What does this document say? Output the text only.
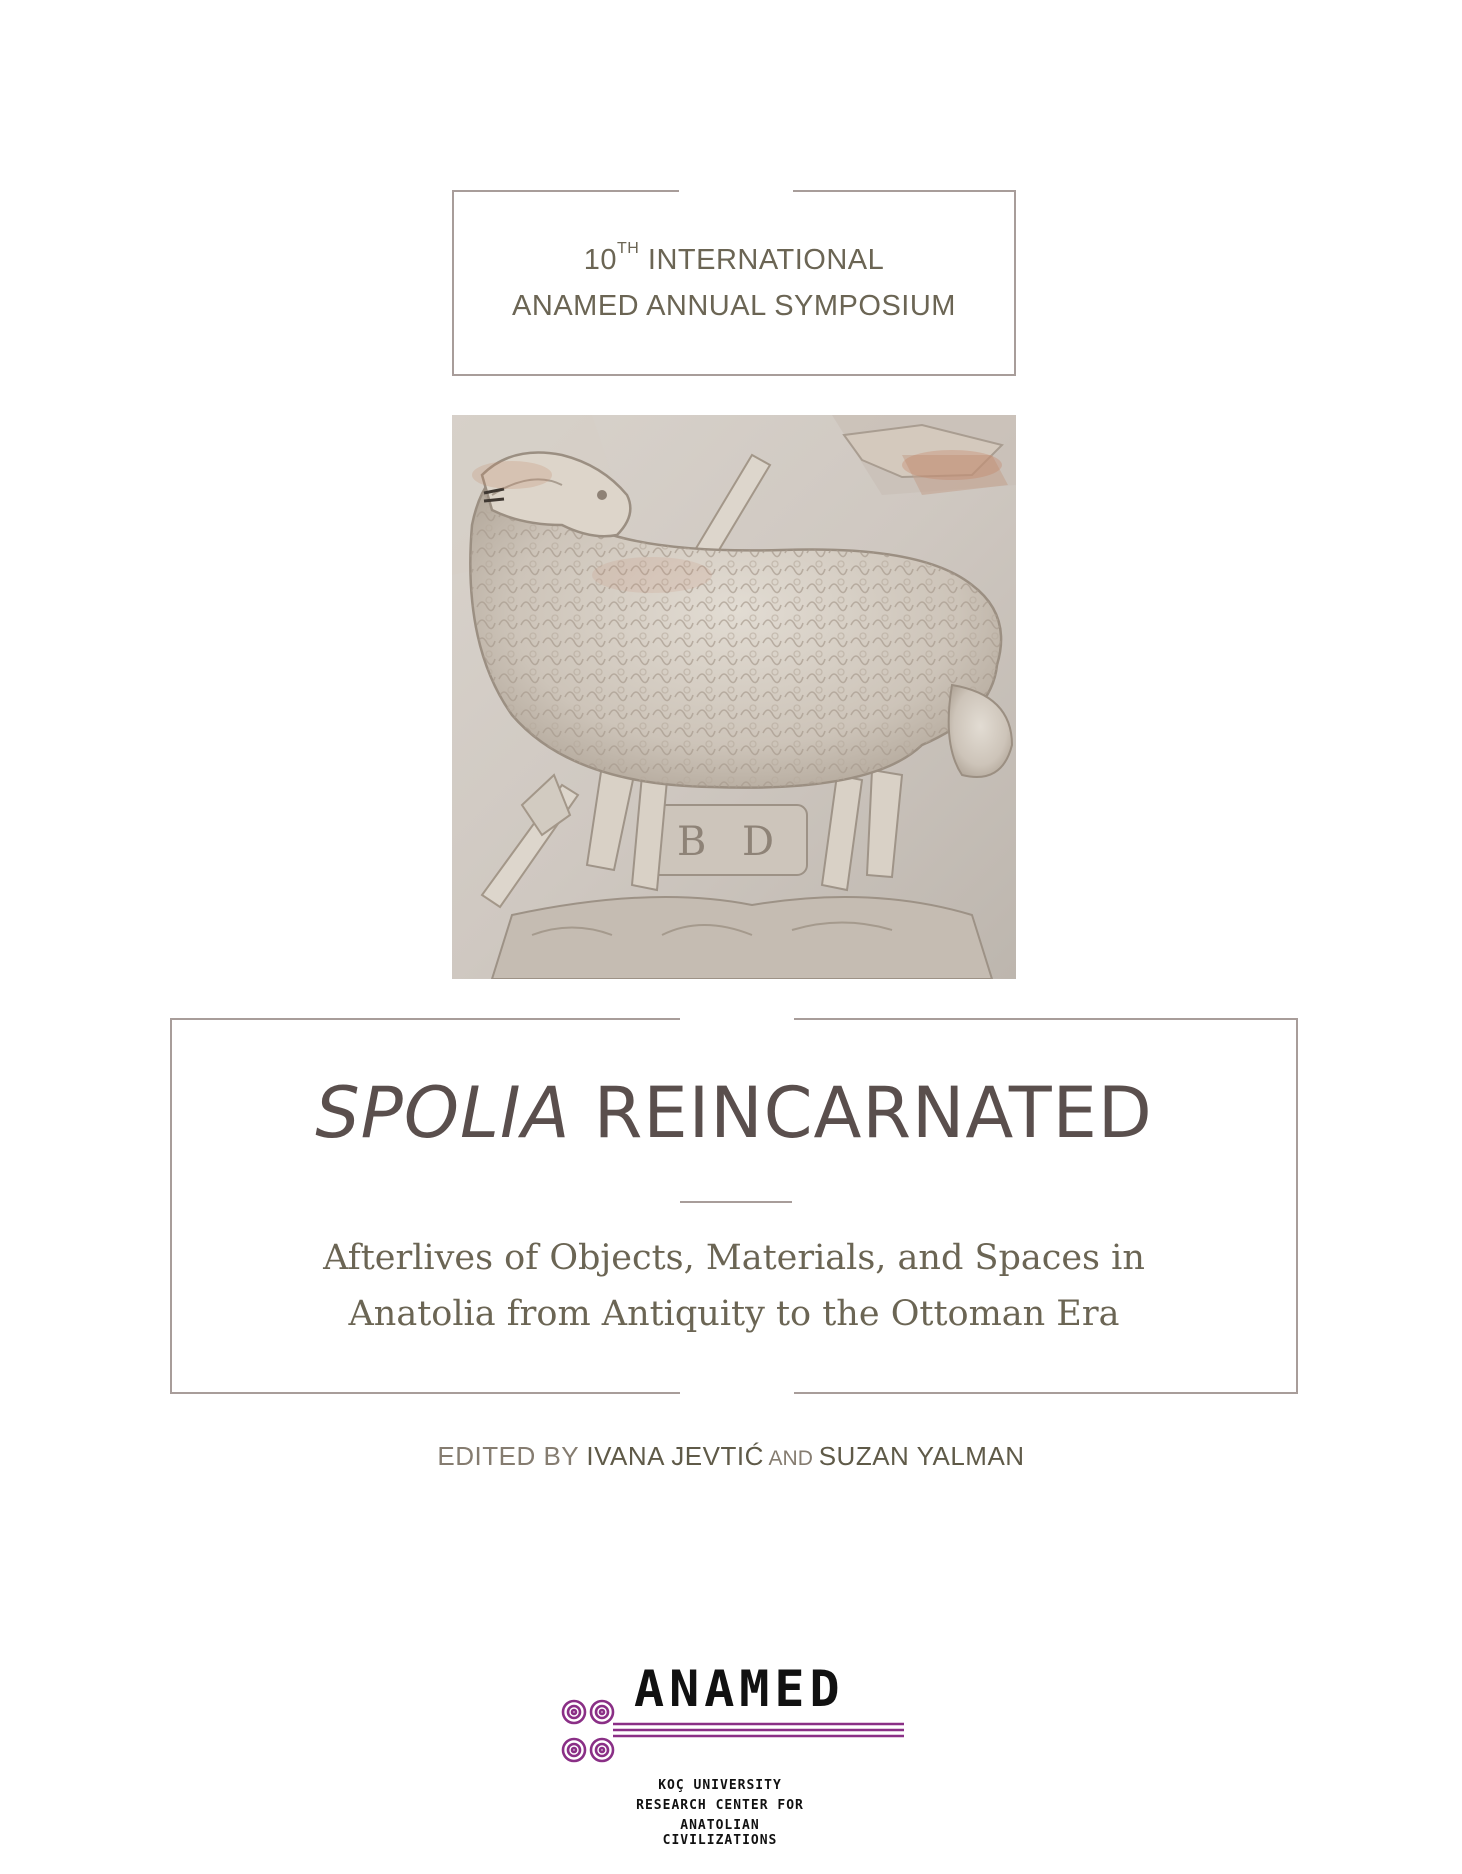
10TH INTERNATIONAL
ANAMED ANNUAL SYMPOSIUM
B D
SPOLIA REINCARNATED
Afterlives of Objects, Materials, and Spaces in
Anatolia from Antiquity to the Ottoman Era
EDITED BY IVANA JEVTIĆ AND SUZAN YALMAN
ANAMED
KOÇ UNIVERSITY
RESEARCH CENTER FOR
ANATOLIAN CIVILIZATIONS
